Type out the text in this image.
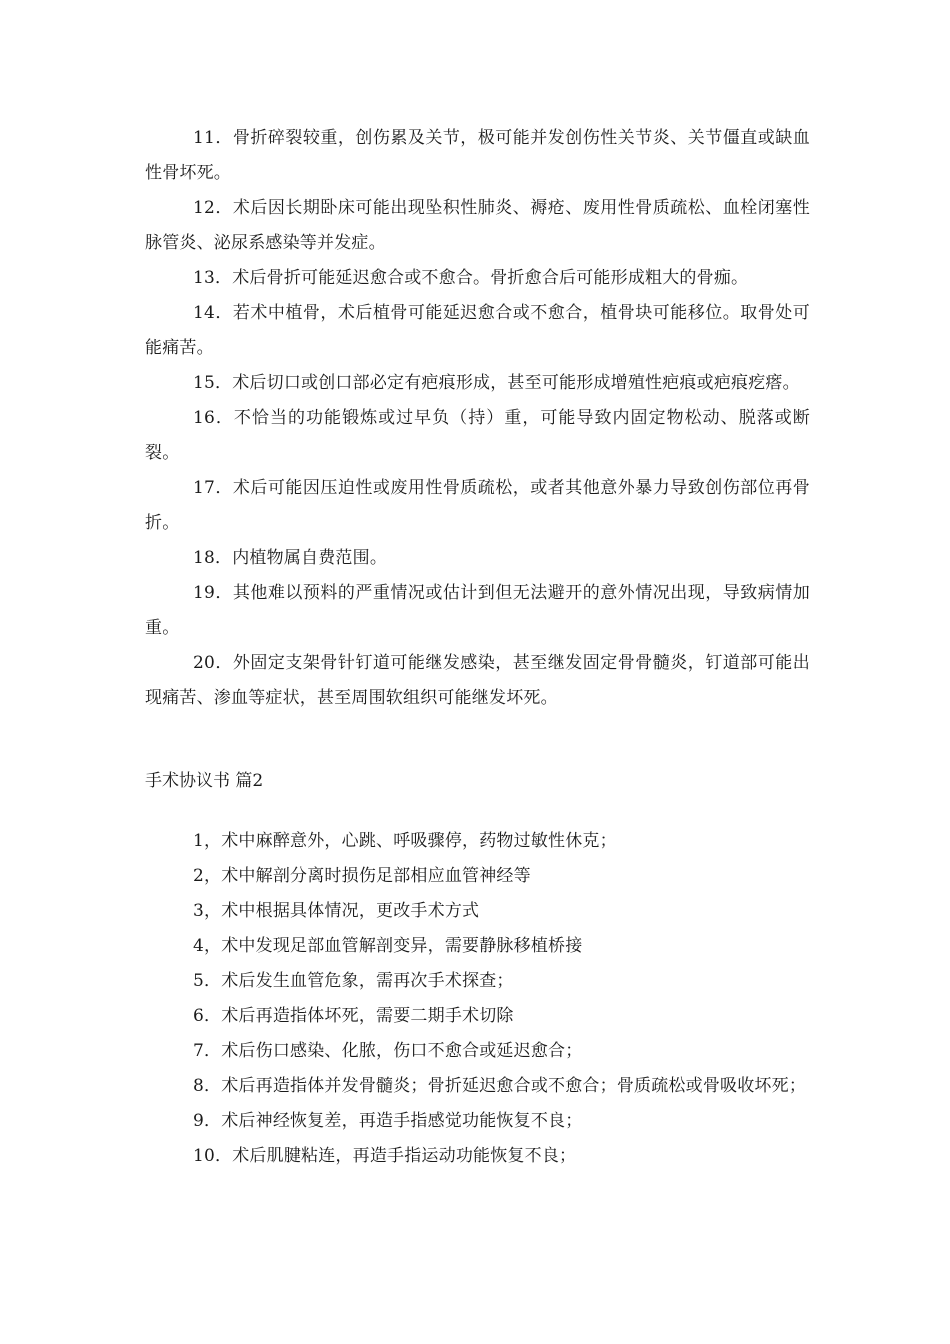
11．骨折碎裂较重，创伤累及关节，极可能并发创伤性关节炎、关节僵直或缺血性骨坏死。

12．术后因长期卧床可能出现坠积性肺炎、褥疮、废用性骨质疏松、血栓闭塞性脉管炎、泌尿系感染等并发症。

13．术后骨折可能延迟愈合或不愈合。骨折愈合后可能形成粗大的骨痂。

14．若术中植骨，术后植骨可能延迟愈合或不愈合，植骨块可能移位。取骨处可能痛苦。

15．术后切口或创口部必定有疤痕形成，甚至可能形成增殖性疤痕或疤痕疙瘩。

16．不恰当的功能锻炼或过早负（持）重，可能导致内固定物松动、脱落或断裂。

17．术后可能因压迫性或废用性骨质疏松，或者其他意外暴力导致创伤部位再骨折。

18．内植物属自费范围。

19．其他难以预料的严重情况或估计到但无法避开的意外情况出现，导致病情加重。

20．外固定支架骨针钉道可能继发感染，甚至继发固定骨骨髓炎，钉道部可能出现痛苦、渗血等症状，甚至周围软组织可能继发坏死。

手术协议书 篇2

1，术中麻醉意外，心跳、呼吸骤停，药物过敏性休克；

2，术中解剖分离时损伤足部相应血管神经等

3，术中根据具体情况，更改手术方式

4，术中发现足部血管解剖变异，需要静脉移植桥接

5．术后发生血管危象，需再次手术探查；

6．术后再造指体坏死，需要二期手术切除

7．术后伤口感染、化脓，伤口不愈合或延迟愈合；

8．术后再造指体并发骨髓炎；骨折延迟愈合或不愈合；骨质疏松或骨吸收坏死；

9．术后神经恢复差，再造手指感觉功能恢复不良；

10．术后肌腱粘连，再造手指运动功能恢复不良；
